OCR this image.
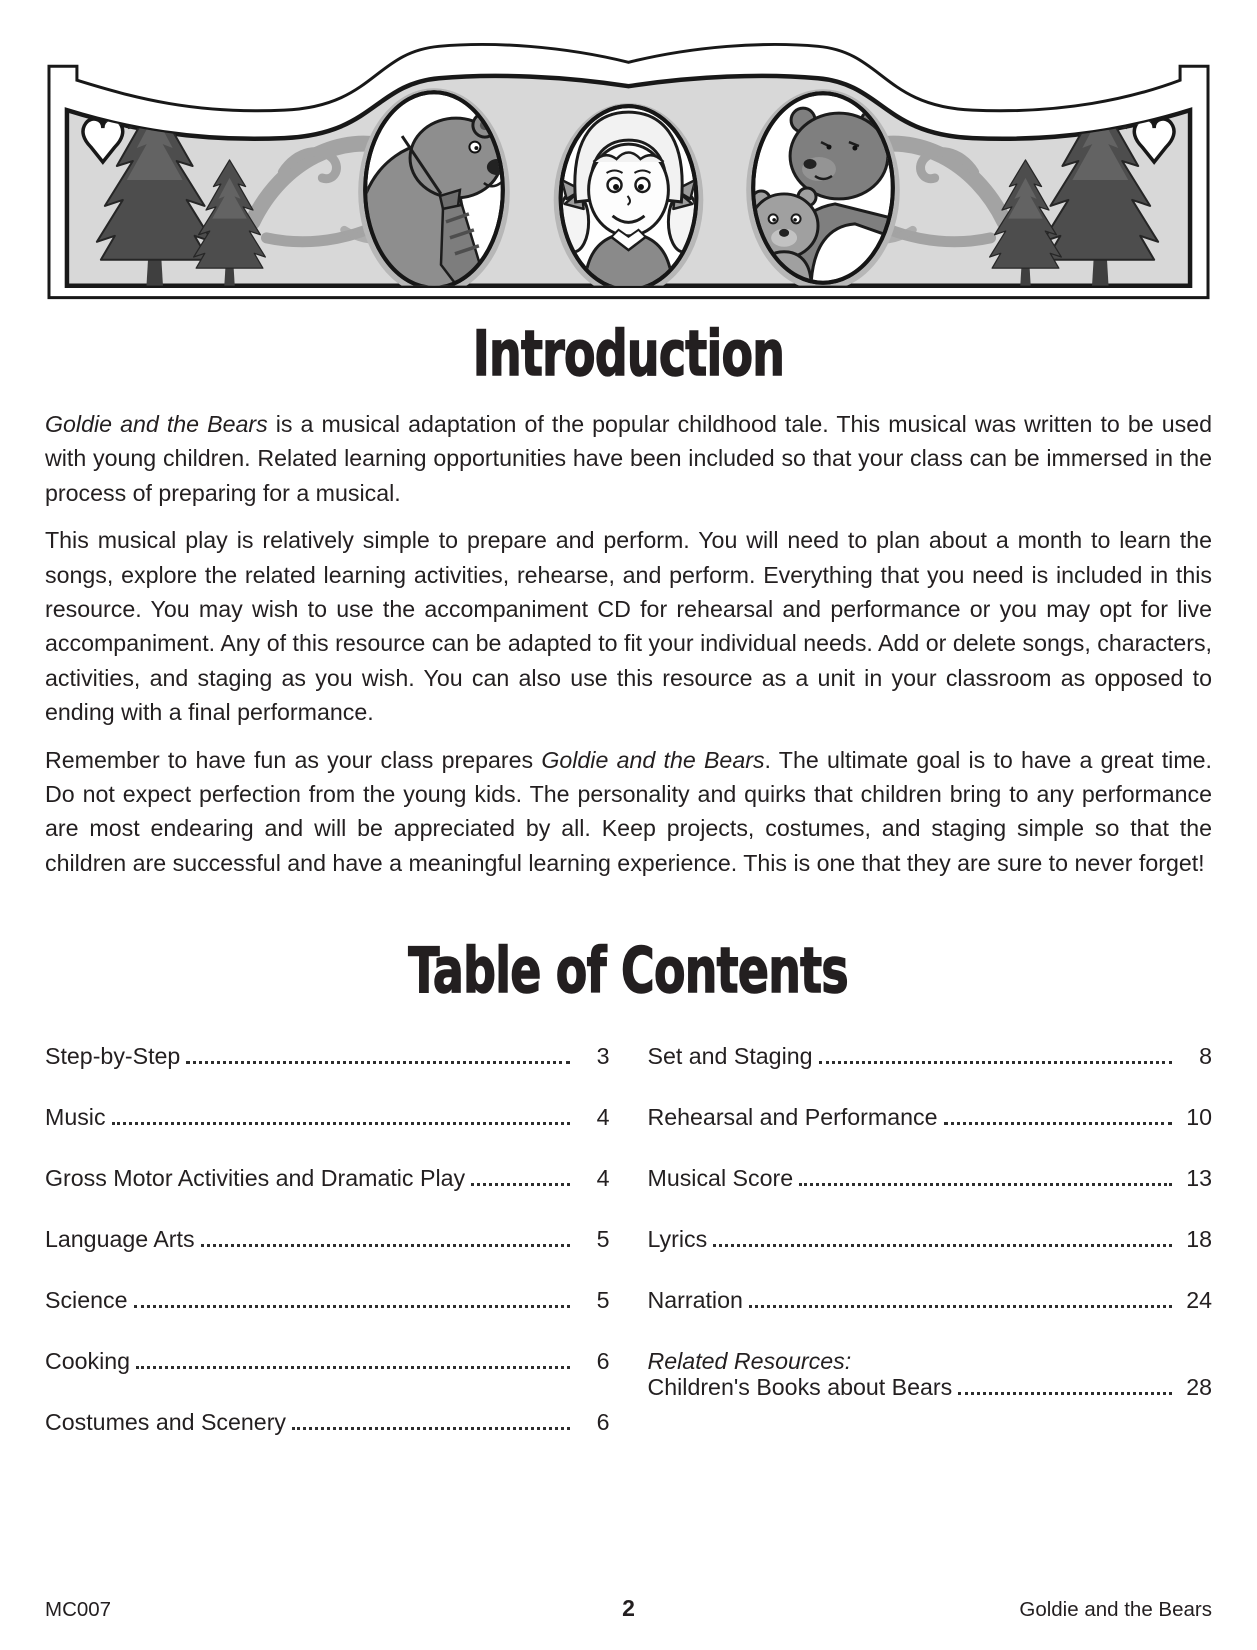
Introduction

Goldie and the Bears is a musical adaptation of the popular childhood tale. This musical was written to be used with young children. Related learning opportunities have been included so that your class can be immersed in the process of preparing for a musical.

This musical play is relatively simple to prepare and perform. You will need to plan about a month to learn the songs, explore the related learning activities, rehearse, and perform. Everything that you need is included in this resource. You may wish to use the accompaniment CD for rehearsal and performance or you may opt for live accompaniment. Any of this resource can be adapted to fit your individual needs. Add or delete songs, characters, activities, and staging as you wish. You can also use this resource as a unit in your classroom as opposed to ending with a final performance.

Remember to have fun as your class prepares Goldie and the Bears. The ultimate goal is to have a great time. Do not expect perfection from the young kids. The personality and quirks that children bring to any performance are most endearing and will be appreciated by all. Keep projects, costumes, and staging simple so that the children are successful and have a meaningful learning experience. This is one that they are sure to never forget!

Table of Contents
Step-by-Step	3
Music	4
Gross Motor Activities and Dramatic Play	4
Language Arts	5
Science	5
Cooking	6
Costumes and Scenery	6
Set and Staging	8
Rehearsal and Performance	10
Musical Score	13
Lyrics	18
Narration	24
Related Resources:
Children's Books about Bears	28
MC007	2	Goldie and the Bears
